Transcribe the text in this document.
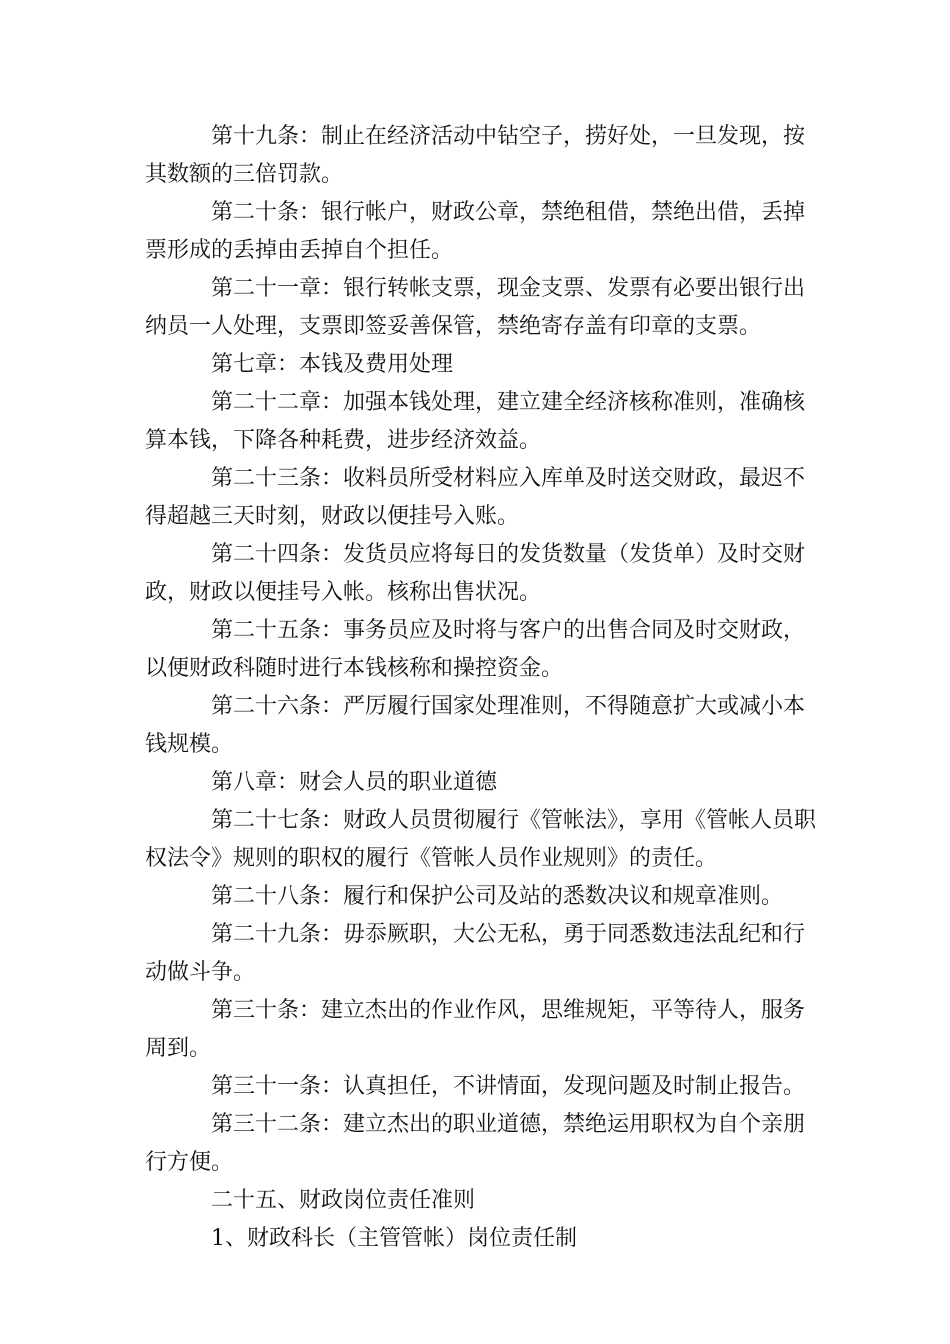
第十九条：制止在经济活动中钻空子，捞好处，一旦发现，按其数额的三倍罚款。

第二十条：银行帐户，财政公章，禁绝租借，禁绝出借，丢掉票形成的丢掉由丢掉自个担任。

第二十一章：银行转帐支票，现金支票、发票有必要出银行出纳员一人处理，支票即签妥善保管，禁绝寄存盖有印章的支票。

第七章：本钱及费用处理

第二十二章：加强本钱处理，建立建全经济核称准则，准确核算本钱，下降各种耗费，进步经济效益。

第二十三条：收料员所受材料应入库单及时送交财政，最迟不得超越三天时刻，财政以便挂号入账。

第二十四条：发货员应将每日的发货数量（发货单）及时交财政，财政以便挂号入帐。核称出售状况。

第二十五条：事务员应及时将与客户的出售合同及时交财政，以便财政科随时进行本钱核称和操控资金。

第二十六条：严厉履行国家处理准则，不得随意扩大或减小本钱规模。

第八章：财会人员的职业道德

第二十七条：财政人员贯彻履行《管帐法》，享用《管帐人员职权法令》规则的职权的履行《管帐人员作业规则》的责任。

第二十八条：履行和保护公司及站的悉数决议和规章准则。

第二十九条：毋忝厥职，大公无私，勇于同悉数违法乱纪和行动做斗争。

第三十条：建立杰出的作业作风，思维规矩，平等待人，服务周到。

第三十一条：认真担任，不讲情面，发现问题及时制止报告。

第三十二条：建立杰出的职业道德，禁绝运用职权为自个亲朋行方便。

二十五、财政岗位责任准则

1、财政科长（主管管帐）岗位责任制
